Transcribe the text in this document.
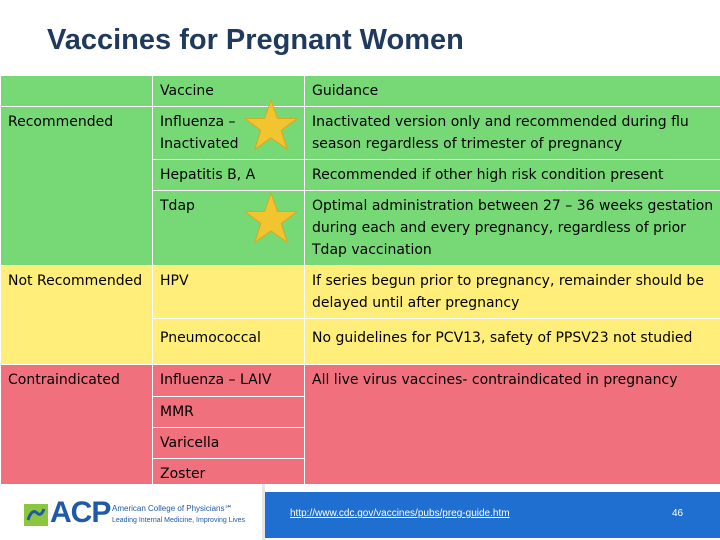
Vaccines for Pregnant Women
	Vaccine	Guidance
Recommended	Influenza – Inactivated	Inactivated version only and recommended during flu season regardless of trimester of pregnancy
	Hepatitis B, A	Recommended if other high risk condition present
	Tdap	Optimal administration between 27 – 36 weeks gestation during each and every pregnancy, regardless of prior Tdap vaccination
Not Recommended	HPV	If series begun prior to pregnancy, remainder should be delayed until after pregnancy
	Pneumococcal	No guidelines for PCV13, safety of PPSV23 not studied
Contraindicated	Influenza – LAIV	All live virus vaccines- contraindicated in pregnancy
	MMR	
	Varicella	
	Zoster	
ACP American College of Physicians℠
Leading Internal Medicine, Improving Lives
http://www.cdc.gov/vaccines/pubs/preg-guide.htm	46
